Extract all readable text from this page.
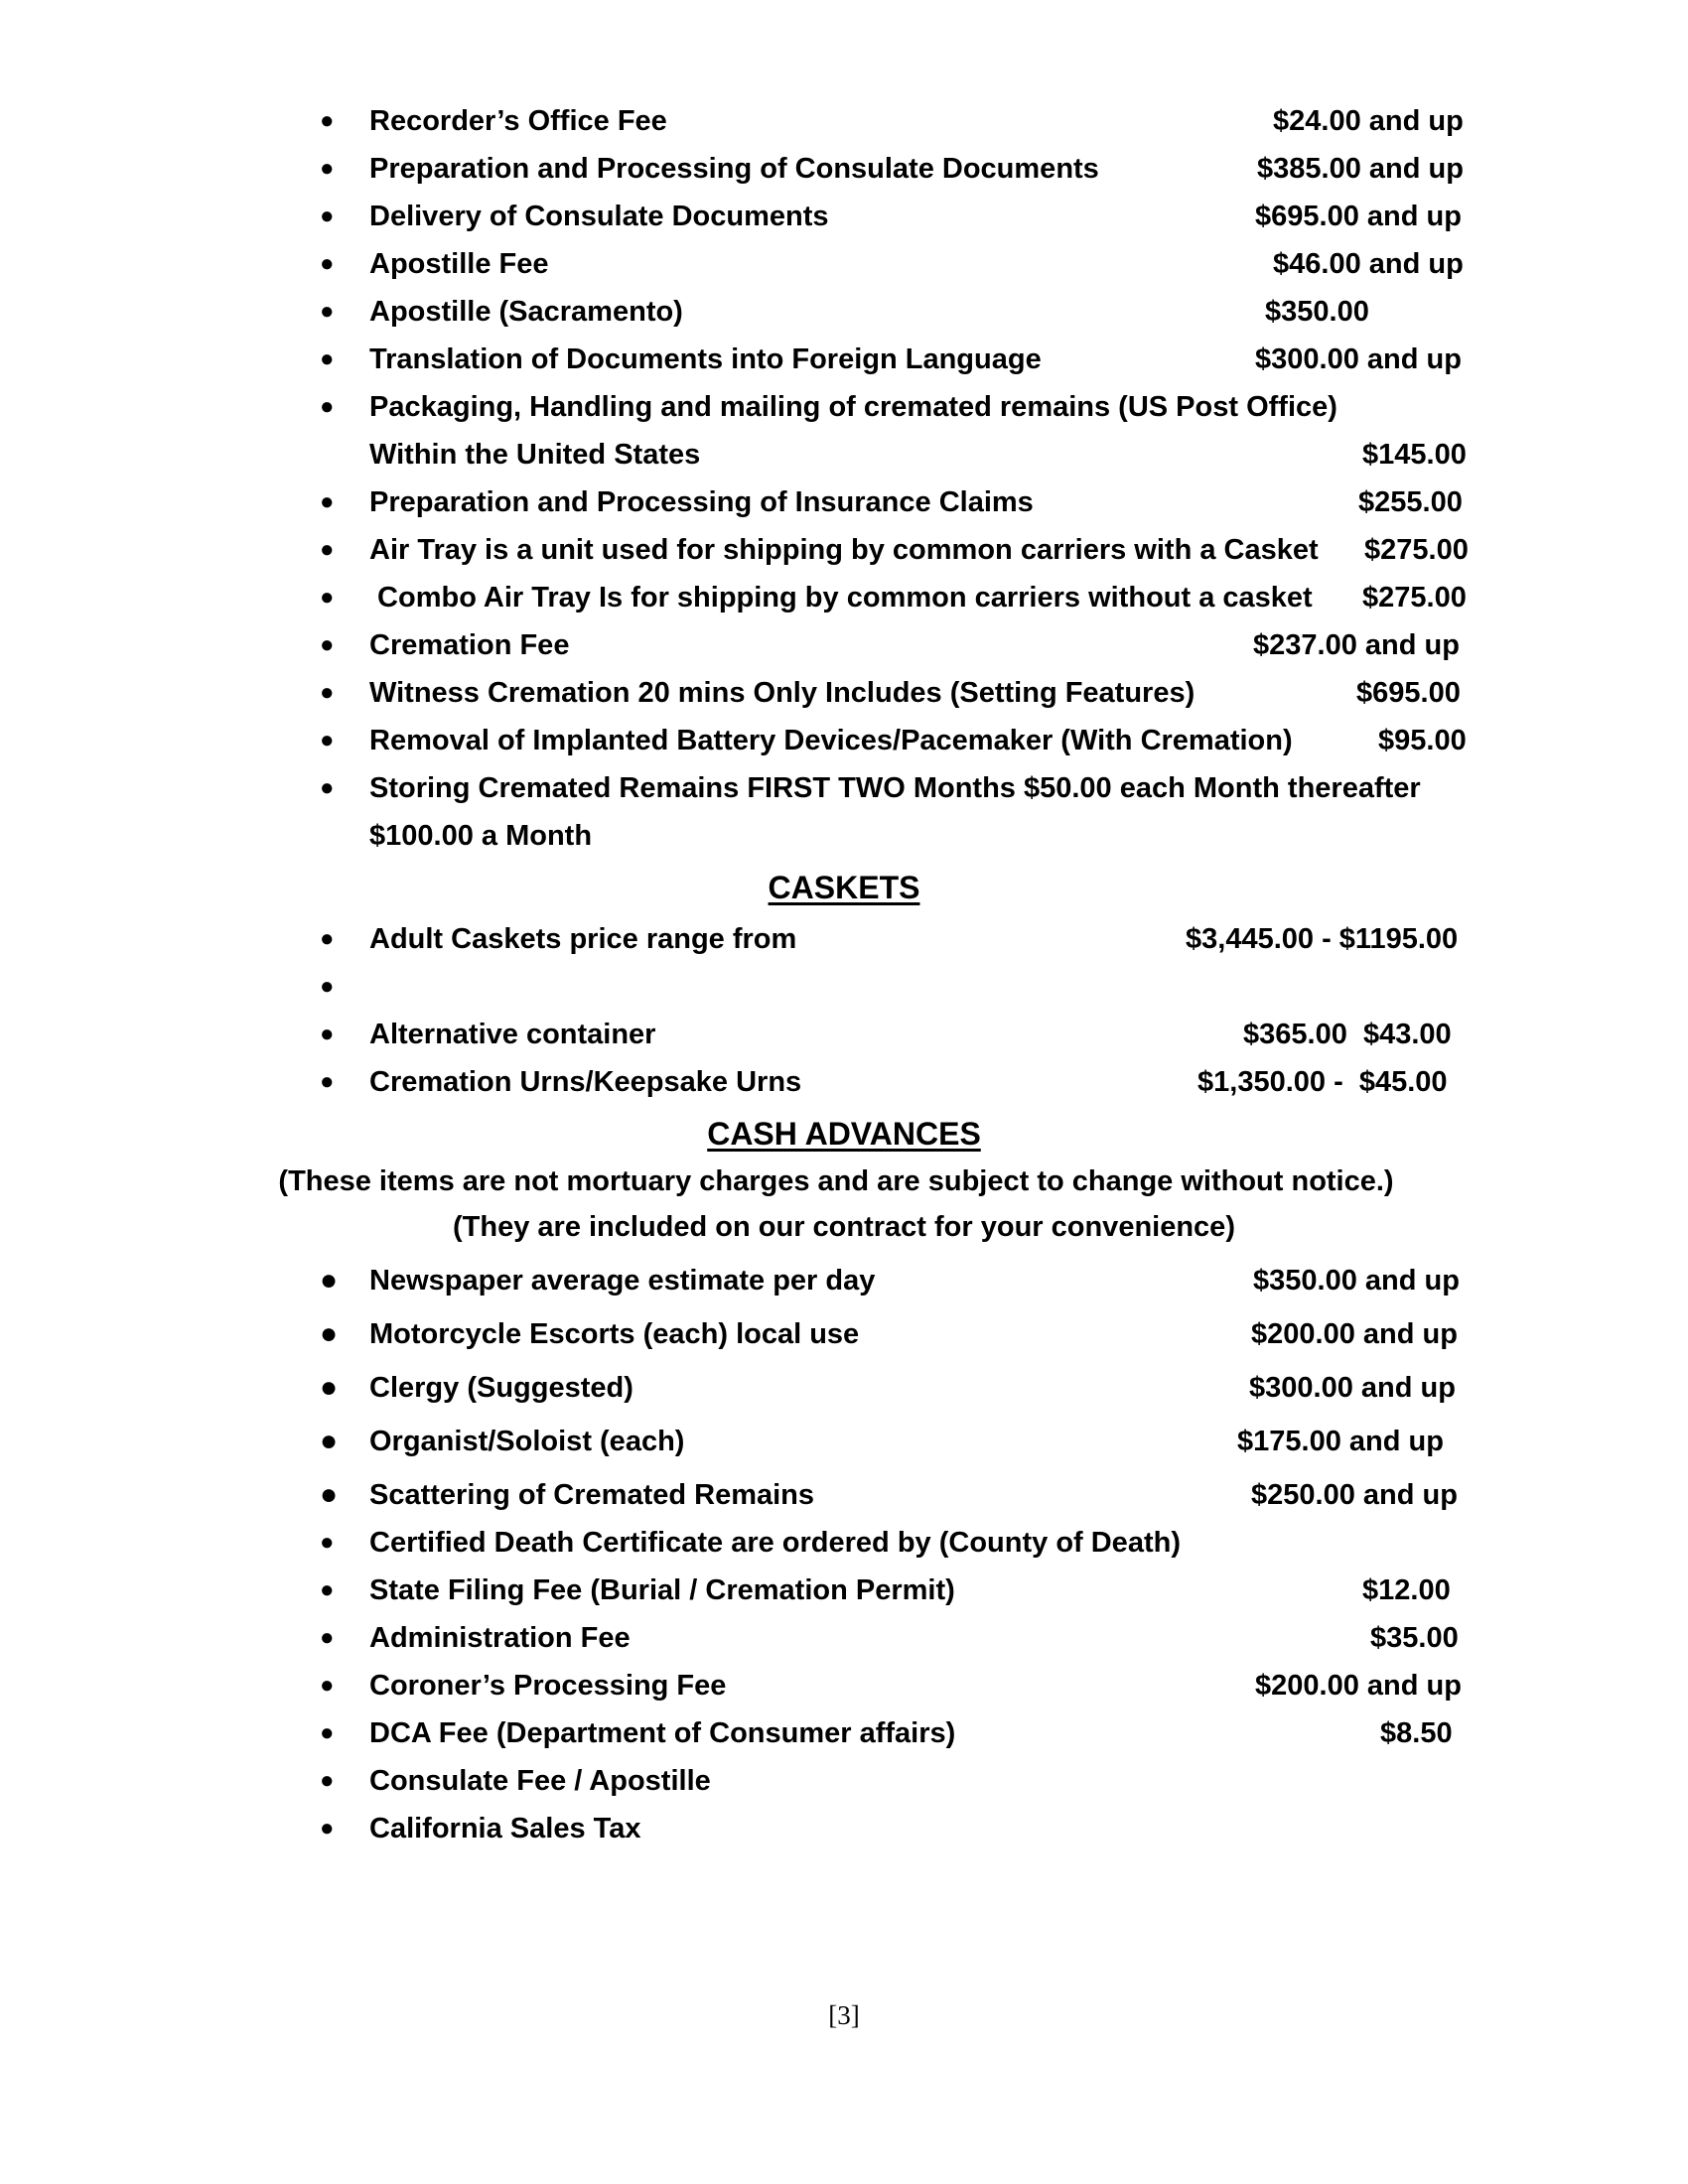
● Recorder’s Office Fee	$24.00 and up
● Preparation and Processing of Consulate Documents	$385.00 and up
● Delivery of Consulate Documents	$695.00 and up
● Apostille Fee	$46.00 and up
● Apostille (Sacramento)	$350.00
● Translation of Documents into Foreign Language	$300.00 and up
● Packaging, Handling and mailing of cremated remains (US Post Office)
Within the United States	$145.00
● Preparation and Processing of Insurance Claims	$255.00
● Air Tray is a unit used for shipping by common carriers with a Casket $275.00
● Combo Air Tray Is for shipping by common carriers without a casket $275.00
● Cremation Fee	$237.00 and up
● Witness Cremation 20 mins Only Includes (Setting Features)	$695.00
● Removal of Implanted Battery Devices/Pacemaker (With Cremation)	$95.00
● Storing Cremated Remains FIRST TWO Months $50.00 each Month thereafter
$100.00 a Month
CASKETS
● Adult Caskets price range from	$3,445.00 - $1195.00
●
● Alternative container	$365.00  $43.00
● Cremation Urns/Keepsake Urns	$1,350.00 -  $45.00
CASH ADVANCES
(These items are not mortuary charges and are subject to change without notice.)
(They are included on our contract for your convenience)
● Newspaper average estimate per day	$350.00 and up
● Motorcycle Escorts (each) local use	$200.00 and up
● Clergy (Suggested)	$300.00 and up
● Organist/Soloist (each)	$175.00 and up
● Scattering of Cremated Remains	$250.00 and up
● Certified Death Certificate are ordered by (County of Death)
● State Filing Fee (Burial / Cremation Permit)	$12.00
● Administration Fee	$35.00
● Coroner’s Processing Fee	$200.00 and up
● DCA Fee (Department of Consumer affairs)	$8.50
● Consulate Fee / Apostille
● California Sales Tax
[3]
